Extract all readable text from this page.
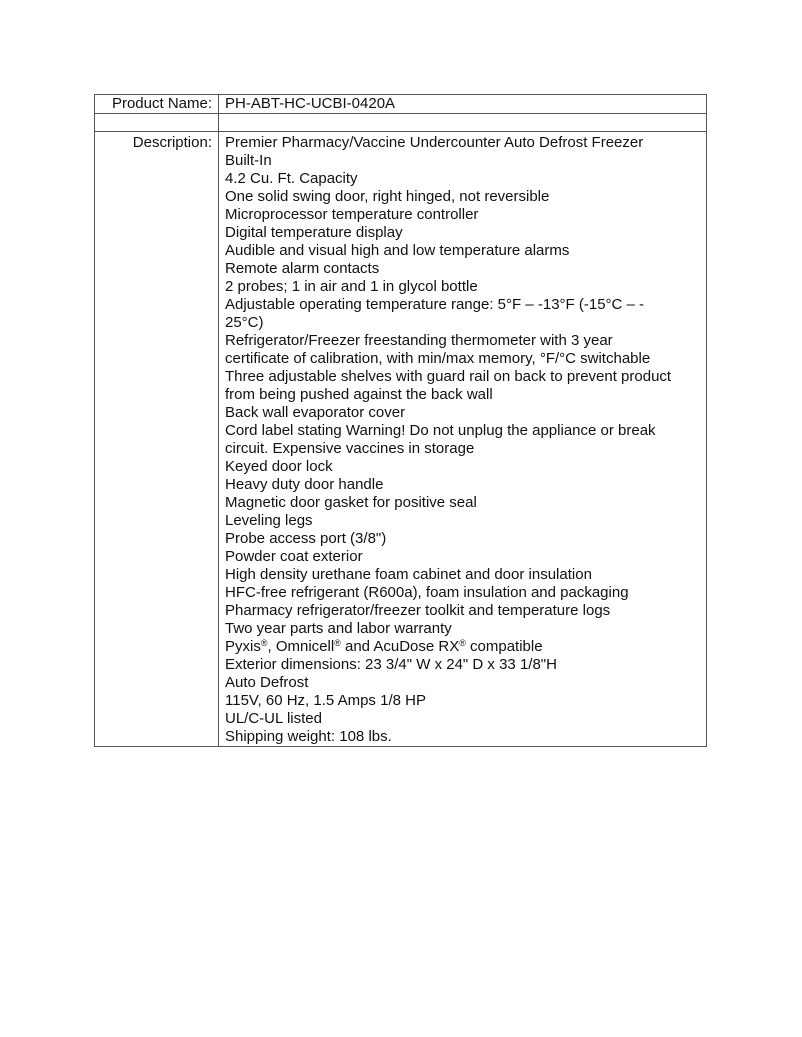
Product Name:	PH-ABT-HC-UCBI-0420A

Description:	Premier Pharmacy/Vaccine Undercounter Auto Defrost Freezer
Built-In
4.2 Cu. Ft. Capacity
One solid swing door, right hinged, not reversible
Microprocessor temperature controller
Digital temperature display
Audible and visual high and low temperature alarms
Remote alarm contacts
2 probes; 1 in air and 1 in glycol bottle
Adjustable operating temperature range: 5°F – -13°F (-15°C – -
25°C)
Refrigerator/Freezer freestanding thermometer with 3 year
certificate of calibration, with min/max memory, °F/°C switchable
Three adjustable shelves with guard rail on back to prevent product
from being pushed against the back wall
Back wall evaporator cover
Cord label stating Warning! Do not unplug the appliance or break
circuit. Expensive vaccines in storage
Keyed door lock
Heavy duty door handle
Magnetic door gasket for positive seal
Leveling legs
Probe access port (3/8")
Powder coat exterior
High density urethane foam cabinet and door insulation
HFC-free refrigerant (R600a), foam insulation and packaging
Pharmacy refrigerator/freezer toolkit and temperature logs
Two year parts and labor warranty
Pyxis®, Omnicell® and AcuDose RX® compatible
Exterior dimensions: 23 3/4" W x 24" D x 33 1/8"H
Auto Defrost
115V, 60 Hz, 1.5 Amps 1/8 HP
UL/C-UL listed
Shipping weight: 108 lbs.
